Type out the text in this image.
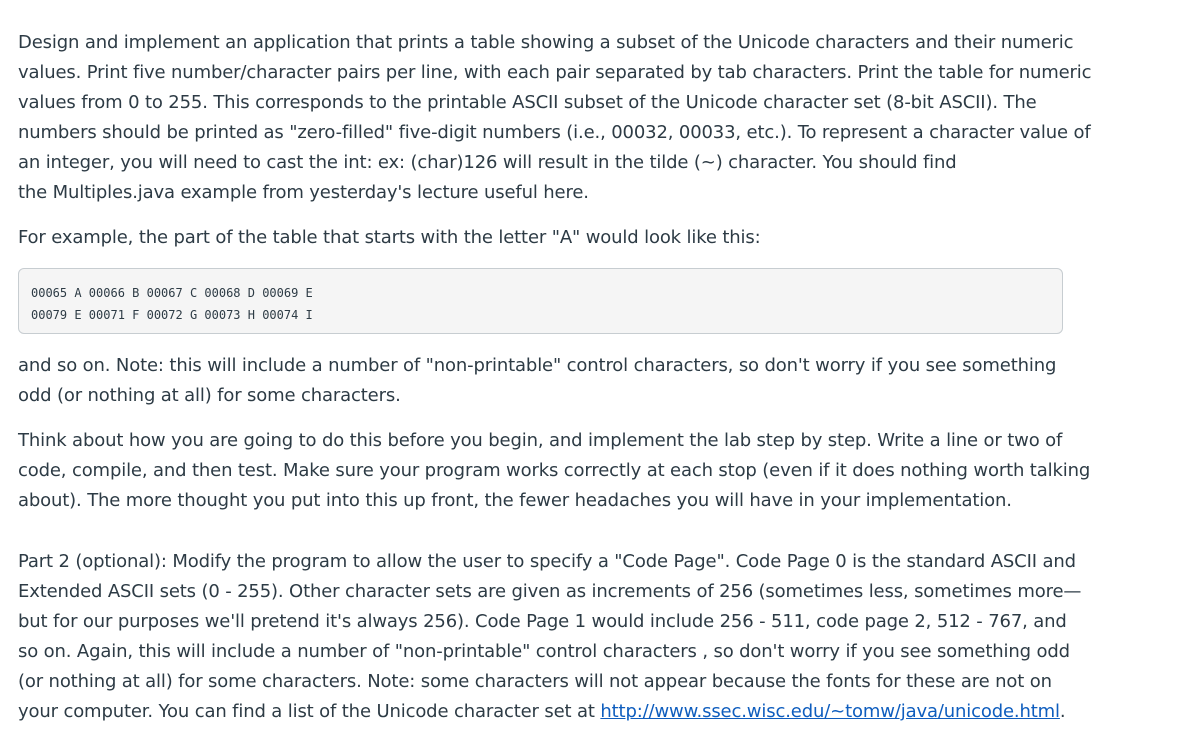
Design and implement an application that prints a table showing a subset of the Unicode characters and their numeric
values. Print five number/character pairs per line, with each pair separated by tab characters. Print the table for numeric
values from 0 to 255. This corresponds to the printable ASCII subset of the Unicode character set (8-bit ASCII). The
numbers should be printed as "zero-filled" five-digit numbers (i.e., 00032, 00033, etc.). To represent a character value of
an integer, you will need to cast the int: ex: (char)126 will result in the tilde (~) character. You should find
the Multiples.java example from yesterday's lecture useful here.

For example, the part of the table that starts with the letter "A" would look like this:

00065 A	00066 B	00067 C	00068 D	00069 E
00079 E	00071 F	00072 G	00073 H	00074 I

and so on. Note: this will include a number of "non-printable" control characters, so don't worry if you see something
odd (or nothing at all) for some characters.

Think about how you are going to do this before you begin, and implement the lab step by step. Write a line or two of
code, compile, and then test. Make sure your program works correctly at each stop (even if it does nothing worth talking
about). The more thought you put into this up front, the fewer headaches you will have in your implementation.

Part 2 (optional): Modify the program to allow the user to specify a "Code Page". Code Page 0 is the standard ASCII and
Extended ASCII sets (0 - 255). Other character sets are given as increments of 256 (sometimes less, sometimes more—
but for our purposes we'll pretend it's always 256). Code Page 1 would include 256 - 511, code page 2, 512 - 767, and
so on. Again, this will include a number of "non-printable" control characters , so don't worry if you see something odd
(or nothing at all) for some characters. Note: some characters will not appear because the fonts for these are not on
your computer. You can find a list of the Unicode character set at http://www.ssec.wisc.edu/~tomw/java/unicode.html.
